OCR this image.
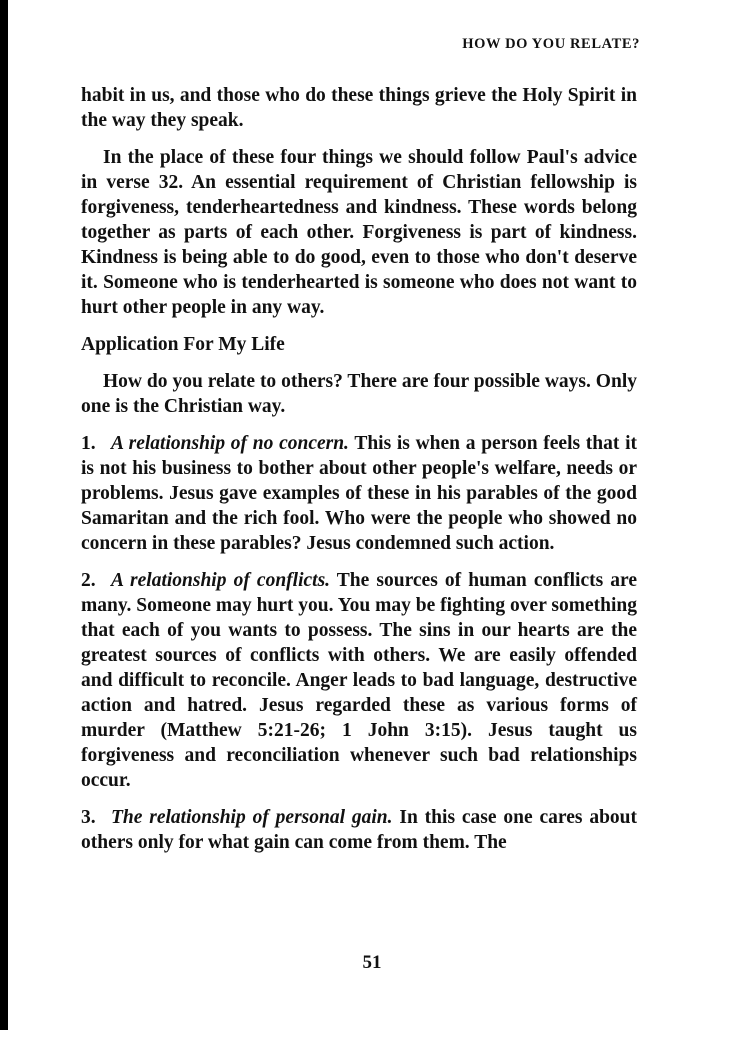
HOW DO YOU RELATE?

habit in us, and those who do these things grieve the Holy Spirit in the way they speak.

In the place of these four things we should follow Paul's advice in verse 32. An essential requirement of Christian fellowship is forgiveness, tenderheartedness and kindness. These words belong together as parts of each other. Forgiveness is part of kindness. Kindness is being able to do good, even to those who don't deserve it. Someone who is tenderhearted is someone who does not want to hurt other people in any way.

Application For My Life

How do you relate to others? There are four possible ways. Only one is the Christian way.

1. A relationship of no concern. This is when a person feels that it is not his business to bother about other people's welfare, needs or problems. Jesus gave examples of these in his parables of the good Samaritan and the rich fool. Who were the people who showed no concern in these parables? Jesus condemned such action.

2. A relationship of conflicts. The sources of human conflicts are many. Someone may hurt you. You may be fighting over something that each of you wants to possess. The sins in our hearts are the greatest sources of conflicts with others. We are easily offended and difficult to reconcile. Anger leads to bad language, destructive action and hatred. Jesus regarded these as various forms of murder (Matthew 5:21-26; 1 John 3:15). Jesus taught us forgiveness and reconciliation whenever such bad relationships occur.

3. The relationship of personal gain. In this case one cares about others only for what gain can come from them. The

51
